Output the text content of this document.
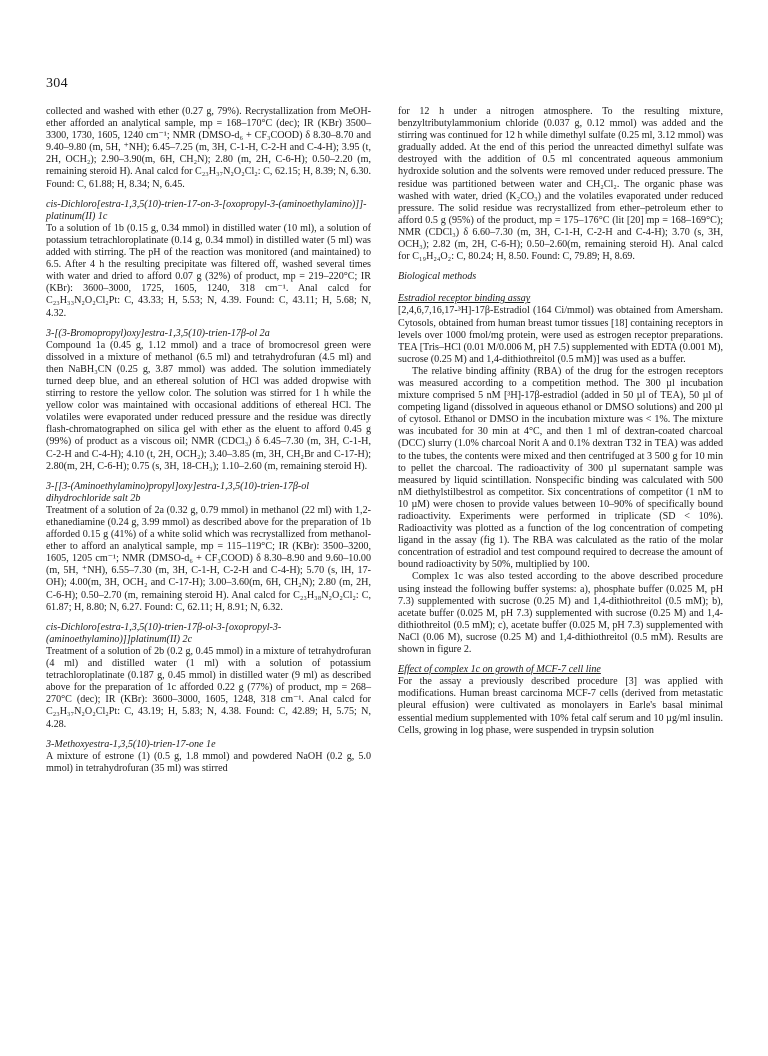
304

collected and washed with ether (0.27 g, 79%). Recrystallization from MeOH-ether afforded an analytical sample, mp = 168–170°C (dec); IR (KBr) 3500–3300, 1730, 1605, 1240 cm⁻¹; NMR (DMSO-d₆ + CF₃COOD) δ 8.30–8.70 and 9.40–9.80 (m, 5H, ⁺NH); 6.45–7.25 (m, 3H, C-1-H, C-2-H and C-4-H); 3.95 (t, 2H, OCH₂); 2.90–3.90(m, 6H, CH₂N); 2.80 (m, 2H, C-6-H); 0.50–2.20 (m, remaining steroid H). Anal calcd for C₂₃H₃₇N₂O₂Cl₂: C, 62.15; H, 8.39; N, 6.30. Found: C, 61.88; H, 8.34; N, 6.45.

cis-Dichloro[estra-1,3,5(10)-trien-17-on-3-[oxopropyl-3-(aminoethylamino)]]-platinum(II) 1c

To a solution of 1b (0.15 g, 0.34 mmol) in distilled water (10 ml), a solution of potassium tetrachloroplatinate (0.14 g, 0.34 mmol) in distilled water (5 ml) was added with stirring. The pH of the reaction was monitored (and maintained) to 6.5. After 4 h the resulting precipitate was filtered off, washed several times with water and dried to afford 0.07 g (32%) of product, mp = 219–220°C; IR (KBr): 3600–3000, 1725, 1605, 1240, 318 cm⁻¹. Anal calcd for C₂₃H₃₃N₂O₂Cl₂Pt: C, 43.33; H, 5.53; N, 4.39. Found: C, 43.11; H, 5.68; N, 4.32.

3-[(3-Bromopropyl)oxy]estra-1,3,5(10)-trien-17β-ol 2a

Compound 1a (0.45 g, 1.12 mmol) and a trace of bromocresol green were dissolved in a mixture of methanol (6.5 ml) and tetrahydrofuran (4.5 ml) and then NaBH₃CN (0.25 g, 3.87 mmol) was added. The solution immediately turned deep blue, and an ethereal solution of HCl was added dropwise with stirring to restore the yellow color. The solution was stirred for 1 h while the yellow color was maintained with occasional additions of ethereal HCl. The volatiles were evaporated under reduced pressure and the residue was directly flash-chromatographed on silica gel with ether as the eluent to afford 0.45 g (99%) of product as a viscous oil; NMR (CDCl₃) δ 6.45–7.30 (m, 3H, C-1-H, C-2-H and C-4-H); 4.10 (t, 2H, OCH₂); 3.40–3.85 (m, 3H, CH₂Br and C-17-H); 2.80(m, 2H, C-6-H); 0.75 (s, 3H, 18-CH₃); 1.10–2.60 (m, remaining steroid H).

3-[[3-(Aminoethylamino)propyl]oxy]estra-1,3,5(10)-trien-17β-ol dihydrochloride salt 2b

Treatment of a solution of 2a (0.32 g, 0.79 mmol) in methanol (22 ml) with 1,2-ethanediamine (0.24 g, 3.99 mmol) as described above for the preparation of 1b afforded 0.15 g (41%) of a white solid which was recrystallized from methanol-ether to afford an analytical sample, mp = 115–119°C; IR (KBr): 3500–3200, 1605, 1205 cm⁻¹; NMR (DMSO-d₆ + CF₃COOD) δ 8.30–8.90 and 9.60–10.00 (m, 5H, ⁺NH), 6.55–7.30 (m, 3H, C-1-H, C-2-H and C-4-H); 5.70 (s, lH, 17-OH); 4.00(m, 3H, OCH₂ and C-17-H); 3.00–3.60(m, 6H, CH₂N); 2.80 (m, 2H, C-6-H); 0.50–2.70 (m, remaining steroid H). Anal calcd for C₂₃H₃₈N₂O₂Cl₂: C, 61.87; H, 8.80; N, 6.27. Found: C, 62.11; H, 8.91; N, 6.32.

cis-Dichloro[estra-1,3,5(10)-trien-17β-ol-3-[oxopropyl-3-(aminoethylamino)]]platinum(II) 2c

Treatment of a solution of 2b (0.2 g, 0.45 mmol) in a mixture of tetrahydrofuran (4 ml) and distilled water (1 ml) with a solution of potassium tetrachloroplatinate (0.187 g, 0.45 mmol) in distilled water (9 ml) as described above for the preparation of 1c afforded 0.22 g (77%) of product, mp = 268–270°C (dec); IR (KBr): 3600–3000, 1605, 1248, 318 cm⁻¹. Anal calcd for C₂₃H₃₇N₂O₂Cl₂Pt: C, 43.19; H, 5.83; N, 4.38. Found: C, 42.89; H, 5.75; N, 4.28.

3-Methoxyestra-1,3,5(10)-trien-17-one 1e

A mixture of estrone (1) (0.5 g, 1.8 mmol) and powdered NaOH (0.2 g, 5.0 mmol) in tetrahydrofuran (35 ml) was stirred

for 12 h under a nitrogen atmosphere. To the resulting mixture, benzyltributylammonium chloride (0.037 g, 0.12 mmol) was added and the stirring was continued for 12 h while dimethyl sulfate (0.25 ml, 3.12 mmol) was gradually added. At the end of this period the unreacted dimethyl sulfate was destroyed with the addition of 0.5 ml concentrated aqueous ammonium hydroxide solution and the solvents were removed under reduced pressure. The residue was partitioned between water and CH₂Cl₂. The organic phase was washed with water, dried (K₂CO₃) and the volatiles evaporated under reduced pressure. The solid residue was recrystallized from ether–petroleum ether to afford 0.5 g (95%) of the product, mp = 175–176°C (lit [20] mp = 168–169°C); NMR (CDCl₃) δ 6.60–7.30 (m, 3H, C-1-H, C-2-H and C-4-H); 3.70 (s, 3H, OCH₃); 2.82 (m, 2H, C-6-H); 0.50–2.60(m, remaining steroid H). Anal calcd for C₁₉H₂₄O₂: C, 80.24; H, 8.50. Found: C, 79.89; H, 8.69.

Biological methods

Estradiol receptor binding assay

[2,4,6,7,16,17-³H]-17β-Estradiol (164 Ci/mmol) was obtained from Amersham. Cytosols, obtained from human breast tumor tissues [18] containing receptors in levels over 1000 fmol/mg protein, were used as estrogen receptor preparations. TEA [Tris–HCl (0.01 M/0.006 M, pH 7.5) supplemented with EDTA (0.001 M), sucrose (0.25 M) and 1,4-dithiothreitol (0.5 mM)] was used as a buffer.

The relative binding affinity (RBA) of the drug for the estrogen receptors was measured according to a competition method. The 300 µl incubation mixture comprised 5 nM [³H]-17β-estradiol (added in 50 µl of TEA), 50 µl of competing ligand (dissolved in aqueous ethanol or DMSO solutions) and 200 µl of cytosol. Ethanol or DMSO in the incubation mixture was < 1%. The mixture was incubated for 30 min at 4°C, and then 1 ml of dextran-coated charcoal (DCC) slurry (1.0% charcoal Norit A and 0.1% dextran T32 in TEA) was added to the tubes, the contents were mixed and then centrifuged at 3 500 g for 10 min to pellet the charcoal. The radioactivity of 300 µl supernatant sample was measured by liquid scintillation. Nonspecific binding was calculated with 500 nM diethylstilbestrol as competitor. Six concentrations of competitor (1 nM to 10 µM) were chosen to provide values between 10–90% of specifically bound radioactivity. Experiments were performed in triplicate (SD < 10%). Radioactivity was plotted as a function of the log concentration of competing ligand in the assay (fig 1). The RBA was calculated as the ratio of the molar concentration of estradiol and test compound required to decrease the amount of bound radioactivity by 50%, multiplied by 100.

Complex 1c was also tested according to the above described procedure using instead the following buffer systems: a), phosphate buffer (0.025 M, pH 7.3) supplemented with sucrose (0.25 M) and 1,4-dithiothreitol (0.5 mM); b), acetate buffer (0.025 M, pH 7.3) supplemented with sucrose (0.25 M) and 1,4-dithiothreitol (0.5 mM); c), acetate buffer (0.025 M, pH 7.3) supplemented with NaCl (0.06 M), sucrose (0.25 M) and 1,4-dithiothreitol (0.5 mM). Results are shown in figure 2.

Effect of complex 1c on growth of MCF-7 cell line

For the assay a previously described procedure [3] was applied with modifications. Human breast carcinoma MCF-7 cells (derived from metastatic pleural effusion) were cultivated as monolayers in Earle's basal minimal essential medium supplemented with 10% fetal calf serum and 10 µg/ml insulin. Cells, growing in log phase, were suspended in trypsin solution
